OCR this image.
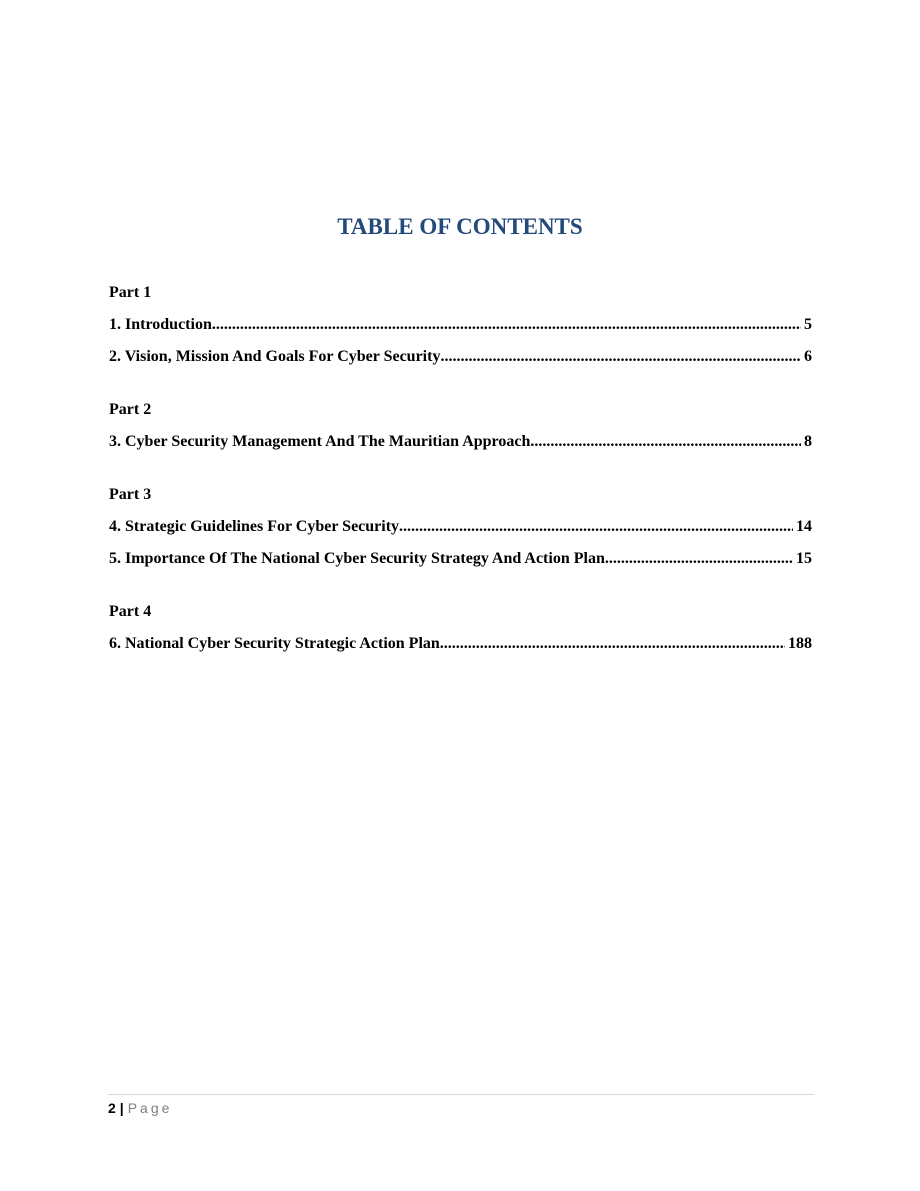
TABLE OF CONTENTS
Part 1
1. Introduction .....	5
2. Vision, Mission And Goals For Cyber Security .....	6
Part 2
3. Cyber Security Management And The Mauritian Approach .....	8
Part 3
4. Strategic Guidelines For Cyber Security .....	14
5. Importance Of The National Cyber Security Strategy And Action Plan .....	15
Part 4
6. National Cyber Security Strategic Action Plan .....	188
2 | Page
